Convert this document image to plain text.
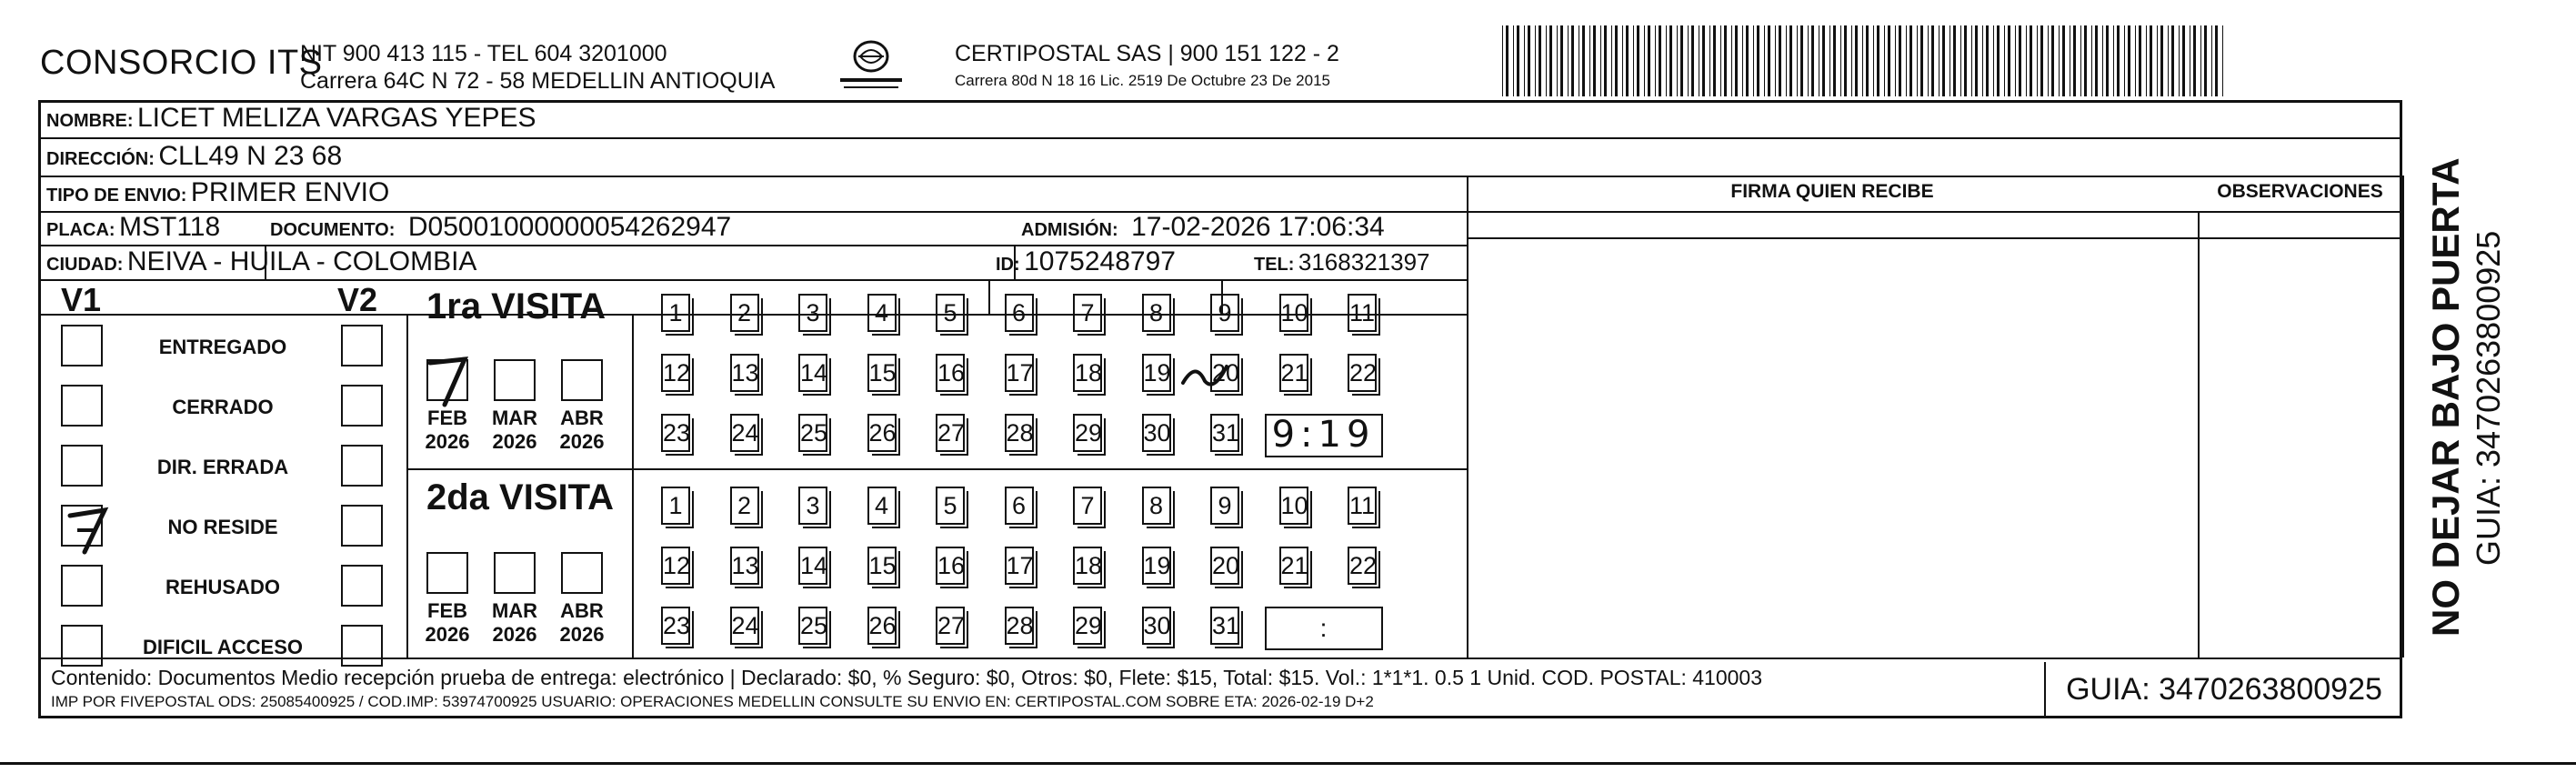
CONSORCIO ITS
NIT 900 413 115 - TEL 604 3201000
Carrera 64C N 72 - 58 MEDELLIN ANTIOQUIA
CERTIPOSTAL SAS | 900 151 122 - 2
Carrera 80d N 18 16 Lic. 2519 De Octubre 23 De 2015
NOMBRE: LICET MELIZA VARGAS YEPES
DIRECCIÓN: CLL49 N 23 68
TIPO DE ENVIO: PRIMER ENVIO	FIRMA QUIEN RECIBE	OBSERVACIONES
PLACA: MST118	DOCUMENTO: D05001000000054262947	ADMISIÓN: 17-02-2026 17:06:34
CIUDAD: NEIVA - HUILA - COLOMBIA	ID: 1075248797	TEL: 3168321397
V1	V2
ENTREGADO
CERRADO
DIR. ERRADA
NO RESIDE
REHUSADO
DIFICIL ACCESO
1ra VISITA
2da VISITA
FEB
2026
MAR
2026
ABR
2026
1	2	3	4	5	6	7	8	9	10 11
12 13 14 15 16 17 18 19 20 21 22
23 24 25 26 27 28 29 30 31 9:19
FEB
2026
MAR
2026
ABR
2026
1	2	3	4	5	6	7	8	9	10 11
12 13 14 15 16 17 18 19 20 21 22
23 24 25 26 27 28 29 30 31	:
Contenido: Documentos Medio recepción prueba de entrega: electrónico | Declarado: $0, % Seguro: $0, Otros: $0, Flete: $15, Total: $15. Vol.: 1*1*1. 0.5 1 Unid. COD. POSTAL: 410003
IMP POR FIVEPOSTAL ODS: 25085400925 / COD.IMP: 53974700925 USUARIO: OPERACIONES MEDELLIN CONSULTE SU ENVIO EN: CERTIPOSTAL.COM SOBRE ETA: 2026-02-19 D+2	GUIA: 3470263800925
NO DEJAR BAJO PUERTA GUIA: 3470263800925
